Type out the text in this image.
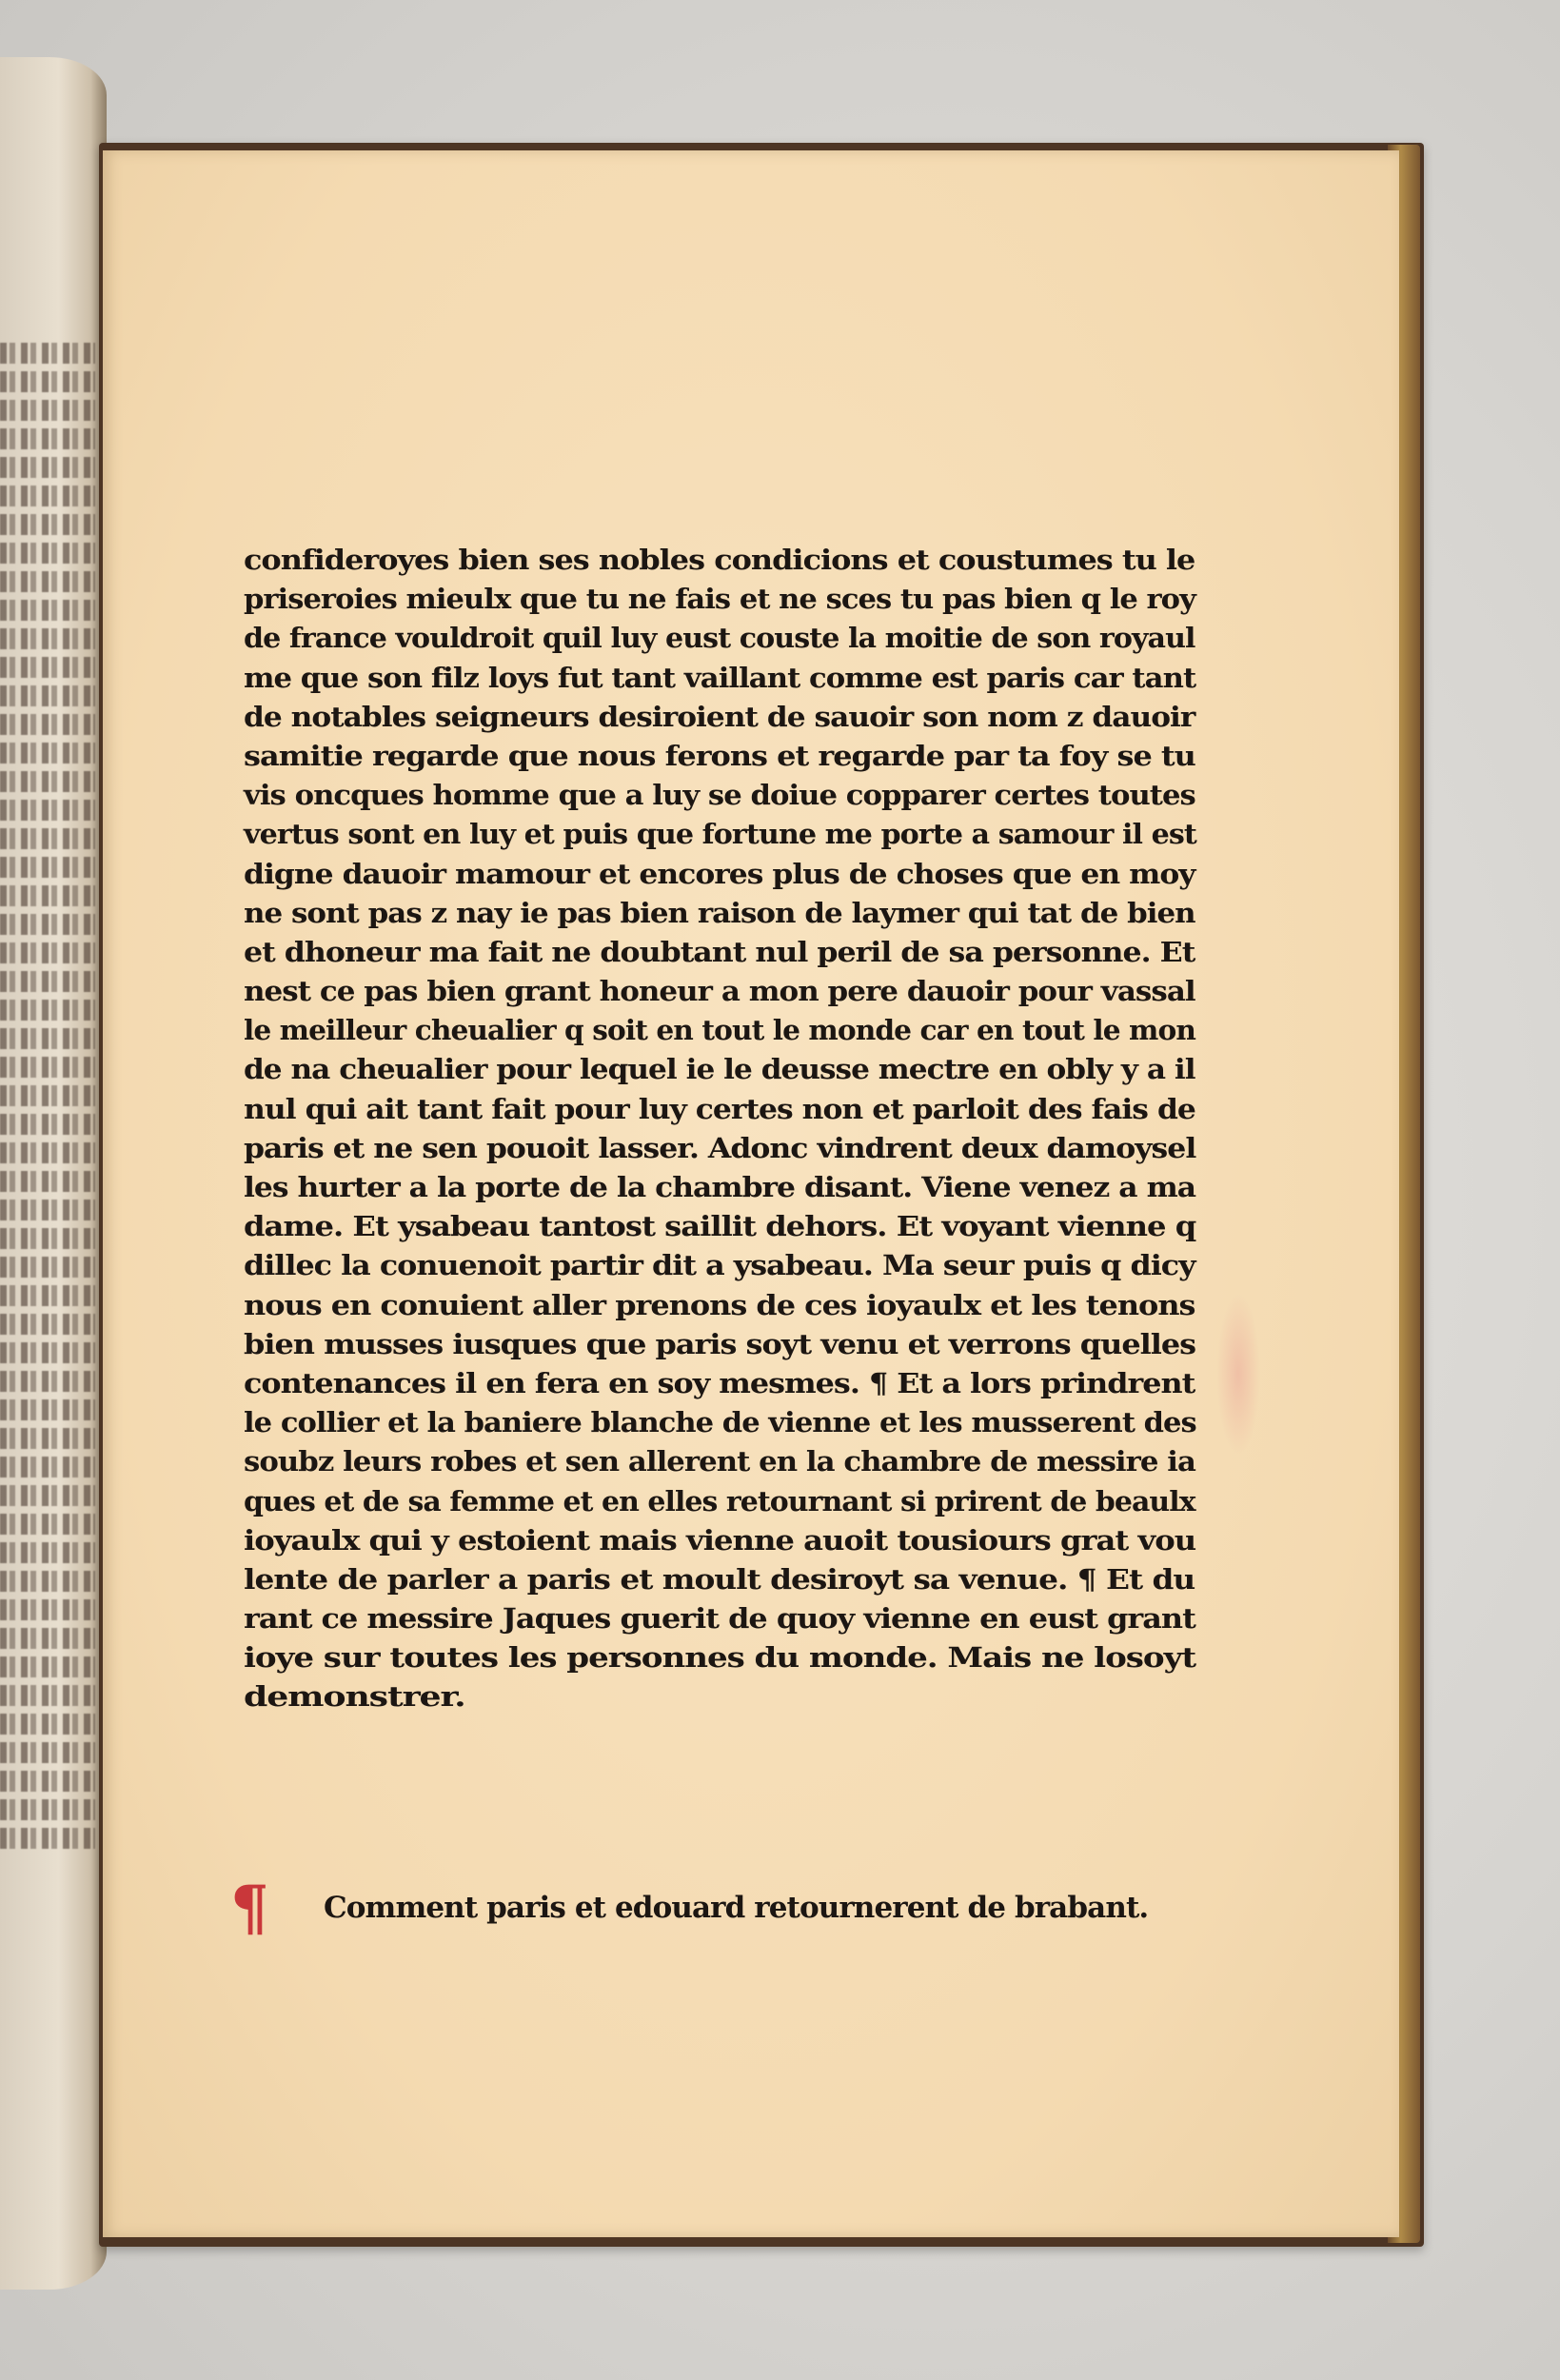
confideroyes bien ses nobles condicions et coustumes tu le
priseroies mieulx que tu ne fais et ne sces tu pas bien q le roy
de france vouldroit quil luy eust couste la moitie de son royaul
me que son filz loys fut tant vaillant comme est paris car tant
de notables seigneurs desiroient de sauoir son nom z dauoir
samitie regarde que nous ferons et regarde par ta foy se tu
vis oncques homme que a luy se doiue copparer certes toutes
vertus sont en luy et puis que fortune me porte a samour il est
digne dauoir mamour et encores plus de choses que en moy
ne sont pas z nay ie pas bien raison de laymer qui tat de bien
et dhoneur ma fait ne doubtant nul peril de sa personne. Et
nest ce pas bien grant honeur a mon pere dauoir pour vassal
le meilleur cheualier q soit en tout le monde car en tout le mon
de na cheualier pour lequel ie le deusse mectre en obly y a il
nul qui ait tant fait pour luy certes non et parloit des fais de
paris et ne sen pouoit lasser. Adonc vindrent deux damoysel
les hurter a la porte de la chambre disant. Viene venez a ma
dame. Et ysabeau tantost saillit dehors. Et voyant vienne q
dillec la conuenoit partir dit a ysabeau. Ma seur puis q dicy
nous en conuient aller prenons de ces ioyaulx et les tenons
bien musses iusques que paris soyt venu et verrons quelles
contenances il en fera en soy mesmes. ¶ Et a lors prindrent
le collier et la baniere blanche de vienne et les musserent des
soubz leurs robes et sen allerent en la chambre de messire ia
ques et de sa femme et en elles retournant si prirent de beaulx
ioyaulx qui y estoient mais vienne auoit tousiours grat vou
lente de parler a paris et moult desiroyt sa venue. ¶ Et du
rant ce messire Jaques guerit de quoy vienne en eust grant
ioye sur toutes les personnes du monde. Mais ne losoyt
demonstrer.
¶ Comment paris et edouard retournerent de brabant.
